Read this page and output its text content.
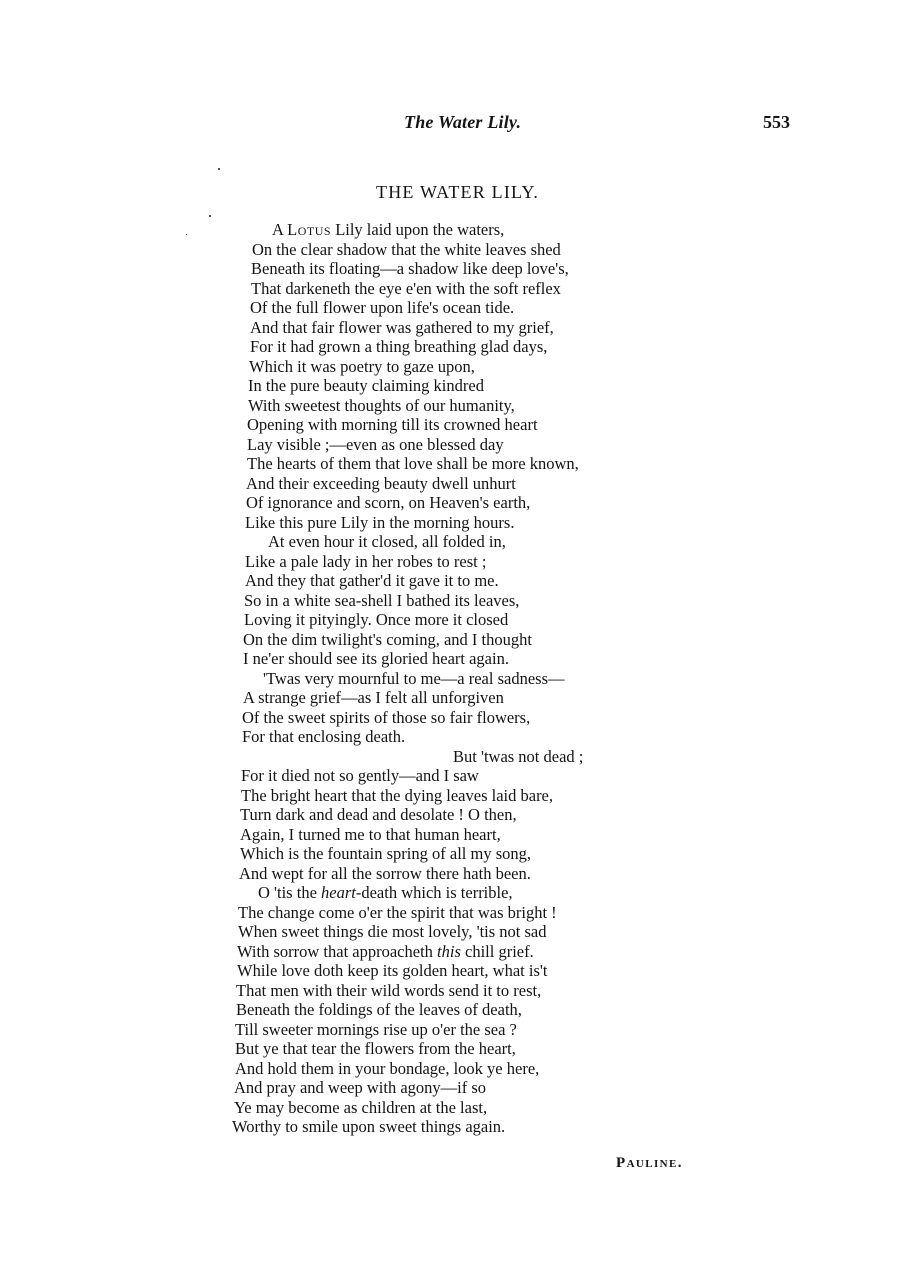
The Water Lily.	553
THE WATER LILY.
A Lotus Lily laid upon the waters,
On the clear shadow that the white leaves shed
Beneath its floating—a shadow like deep love's,
That darkeneth the eye e'en with the soft reflex
Of the full flower upon life's ocean tide.
And that fair flower was gathered to my grief,
For it had grown a thing breathing glad days,
Which it was poetry to gaze upon,
In the pure beauty claiming kindred
With sweetest thoughts of our humanity,
Opening with morning till its crowned heart
Lay visible ;—even as one blessed day
The hearts of them that love shall be more known,
And their exceeding beauty dwell unhurt
Of ignorance and scorn, on Heaven's earth,
Like this pure Lily in the morning hours.
At even hour it closed, all folded in,
Like a pale lady in her robes to rest ;
And they that gather'd it gave it to me.
So in a white sea-shell I bathed its leaves,
Loving it pityingly. Once more it closed
On the dim twilight's coming, and I thought
I ne'er should see its gloried heart again.
'Twas very mournful to me—a real sadness—
A strange grief—as I felt all unforgiven
Of the sweet spirits of those so fair flowers,
For that enclosing death.
But 'twas not dead ;
For it died not so gently—and I saw
The bright heart that the dying leaves laid bare,
Turn dark and dead and desolate ! O then,
Again, I turned me to that human heart,
Which is the fountain spring of all my song,
And wept for all the sorrow there hath been.
O 'tis the heart-death which is terrible,
The change come o'er the spirit that was bright !
When sweet things die most lovely, 'tis not sad
With sorrow that approacheth this chill grief.
While love doth keep its golden heart, what is't
That men with their wild words send it to rest,
Beneath the foldings of the leaves of death,
Till sweeter mornings rise up o'er the sea ?
But ye that tear the flowers from the heart,
And hold them in your bondage, look ye here,
And pray and weep with agony—if so
Ye may become as children at the last,
Worthy to smile upon sweet things again.
Pauline.
